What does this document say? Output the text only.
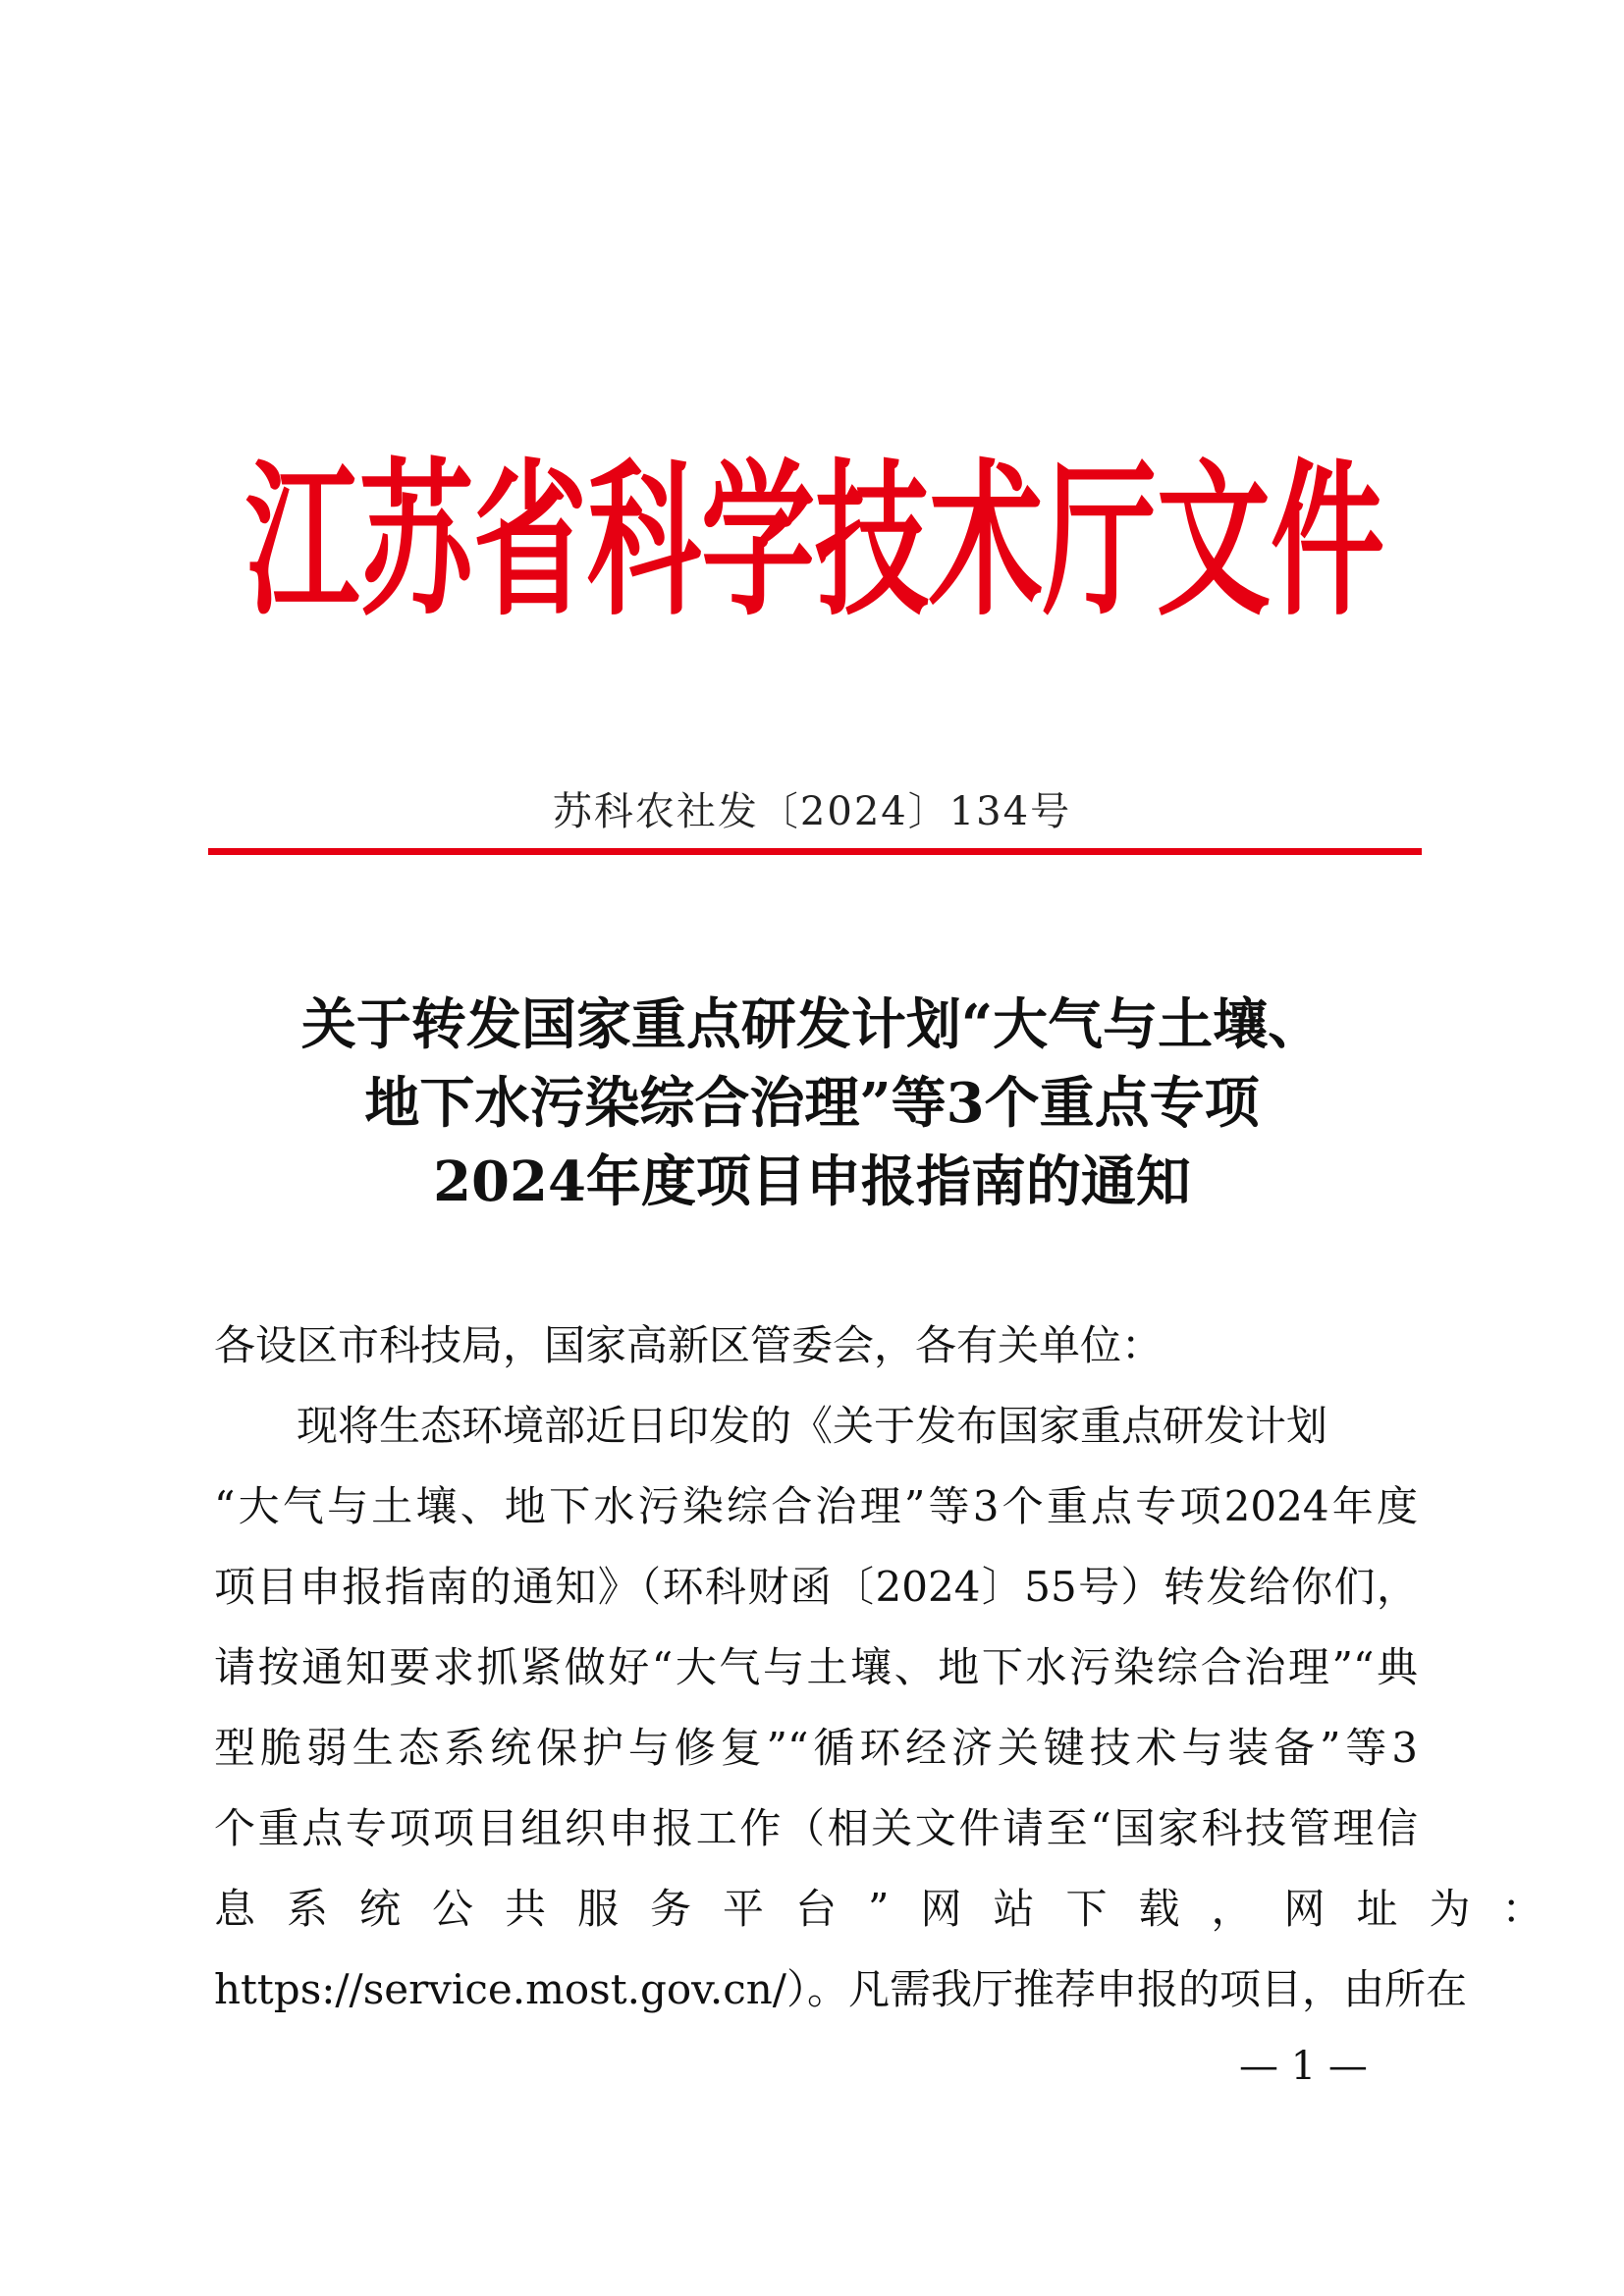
江苏省科学技术厅文件
苏科农社发〔2024〕134号
关于转发国家重点研发计划“大气与土壤、
地下水污染综合治理”等3个重点专项
2024年度项目申报指南的通知
各设区市科技局，国家高新区管委会，各有关单位：
现将生态环境部近日印发的《关于发布国家重点研发计划
“大气与土壤、地下水污染综合治理”等3个重点专项2024年度
项目申报指南的通知》（环科财函〔2024〕55号）转发给你们，
请按通知要求抓紧做好“大气与土壤、地下水污染综合治理”“典
型脆弱生态系统保护与修复”“循环经济关键技术与装备”等3
个重点专项项目组织申报工作（相关文件请至“国家科技管理信
息系统公共服务平台”网站下载，网址为：
https://service.most.gov.cn/）。凡需我厅推荐申报的项目，由所在
— 1 —
